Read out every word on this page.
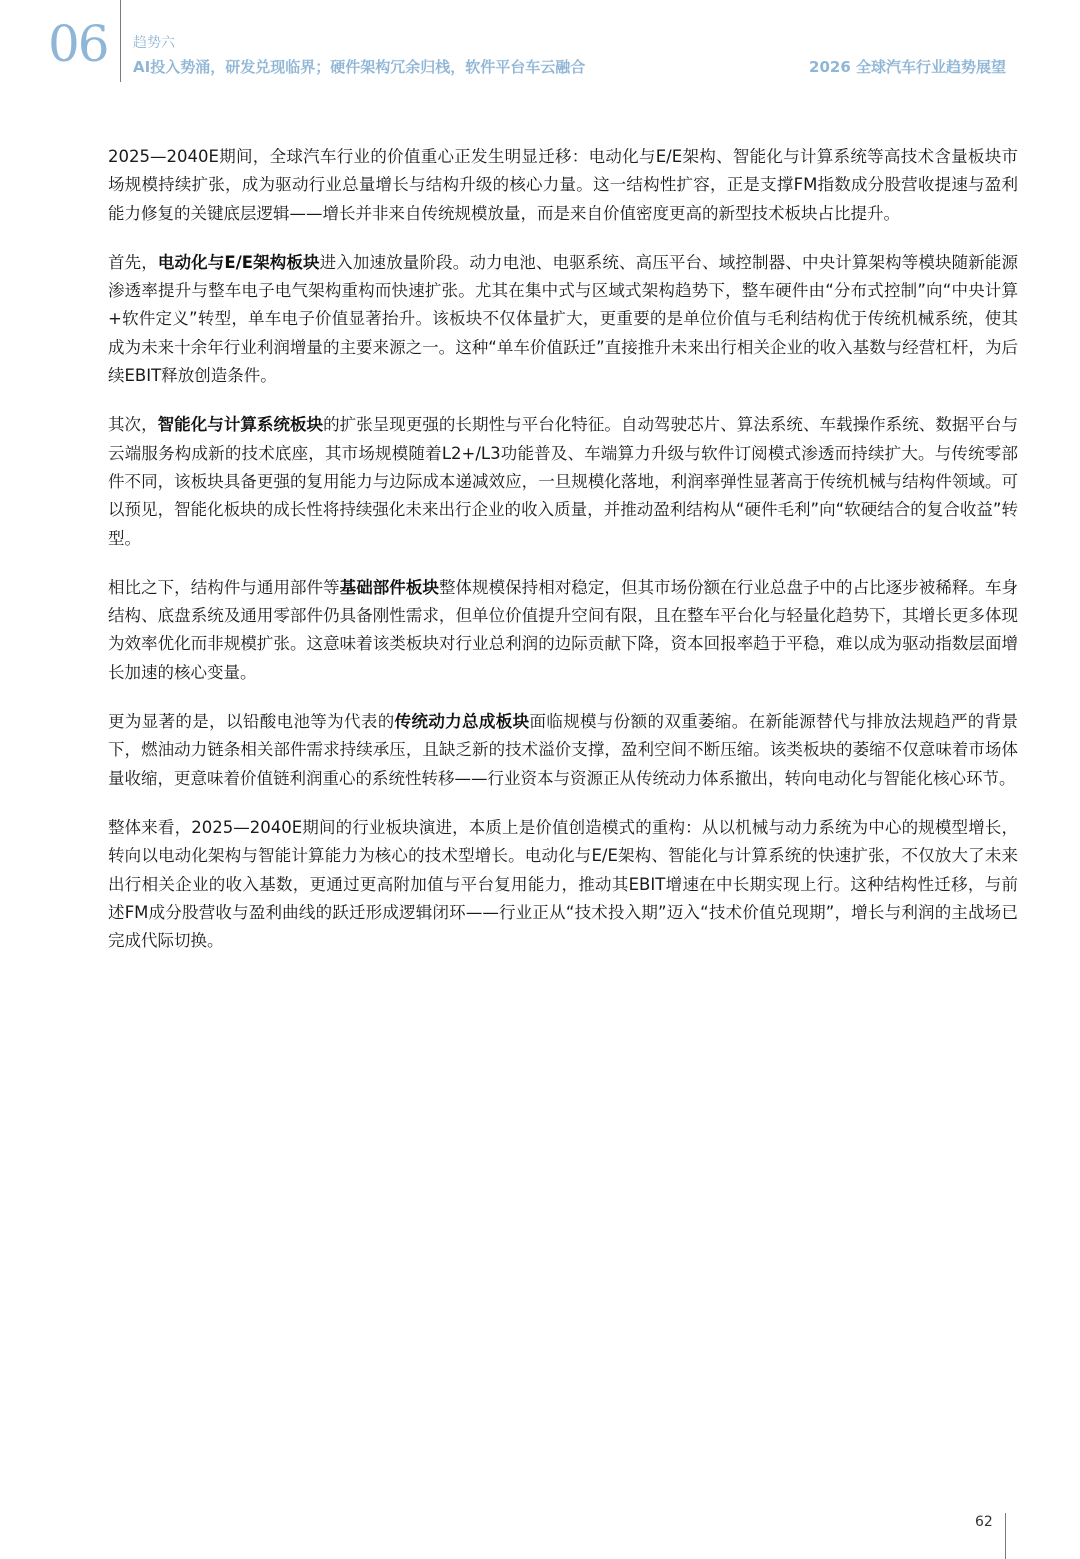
06 趋势六
AI投入势涌，研发兑现临界；硬件架构冗余归栈，软件平台车云融合	2026 全球汽车行业趋势展望

2025—2040E期间，全球汽车行业的价值重心正发生明显迁移：电动化与E/E架构、智能化与计算系统等高技术含量板块市场规模持续扩张，成为驱动行业总量增长与结构升级的核心力量。这一结构性扩容，正是支撑FM指数成分股营收提速与盈利能力修复的关键底层逻辑——增长并非来自传统规模放量，而是来自价值密度更高的新型技术板块占比提升。

首先，电动化与E/E架构板块进入加速放量阶段。动力电池、电驱系统、高压平台、域控制器、中央计算架构等模块随新能源渗透率提升与整车电子电气架构重构而快速扩张。尤其在集中式与区域式架构趋势下，整车硬件由“分布式控制”向“中央计算+软件定义”转型，单车电子价值显著抬升。该板块不仅体量扩大，更重要的是单位价值与毛利结构优于传统机械系统，使其成为未来十余年行业利润增量的主要来源之一。这种“单车价值跃迁”直接推升未来出行相关企业的收入基数与经营杠杆，为后续EBIT释放创造条件。

其次，智能化与计算系统板块的扩张呈现更强的长期性与平台化特征。自动驾驶芯片、算法系统、车载操作系统、数据平台与云端服务构成新的技术底座，其市场规模随着L2+/L3功能普及、车端算力升级与软件订阅模式渗透而持续扩大。与传统零部件不同，该板块具备更强的复用能力与边际成本递减效应，一旦规模化落地，利润率弹性显著高于传统机械与结构件领域。可以预见，智能化板块的成长性将持续强化未来出行企业的收入质量，并推动盈利结构从“硬件毛利”向“软硬结合的复合收益”转型。

相比之下，结构件与通用部件等基础部件板块整体规模保持相对稳定，但其市场份额在行业总盘子中的占比逐步被稀释。车身结构、底盘系统及通用零部件仍具备刚性需求，但单位价值提升空间有限，且在整车平台化与轻量化趋势下，其增长更多体现为效率优化而非规模扩张。这意味着该类板块对行业总利润的边际贡献下降，资本回报率趋于平稳，难以成为驱动指数层面增长加速的核心变量。

更为显著的是，以铅酸电池等为代表的传统动力总成板块面临规模与份额的双重萎缩。在新能源替代与排放法规趋严的背景下，燃油动力链条相关部件需求持续承压，且缺乏新的技术溢价支撑，盈利空间不断压缩。该类板块的萎缩不仅意味着市场体量收缩，更意味着价值链利润重心的系统性转移——行业资本与资源正从传统动力体系撤出，转向电动化与智能化核心环节。

整体来看，2025—2040E期间的行业板块演进，本质上是价值创造模式的重构：从以机械与动力系统为中心的规模型增长，转向以电动化架构与智能计算能力为核心的技术型增长。电动化与E/E架构、智能化与计算系统的快速扩张，不仅放大了未来出行相关企业的收入基数，更通过更高附加值与平台复用能力，推动其EBIT增速在中长期实现上行。这种结构性迁移，与前述FM成分股营收与盈利曲线的跃迁形成逻辑闭环——行业正从“技术投入期”迈入“技术价值兑现期”，增长与利润的主战场已完成代际切换。

62
